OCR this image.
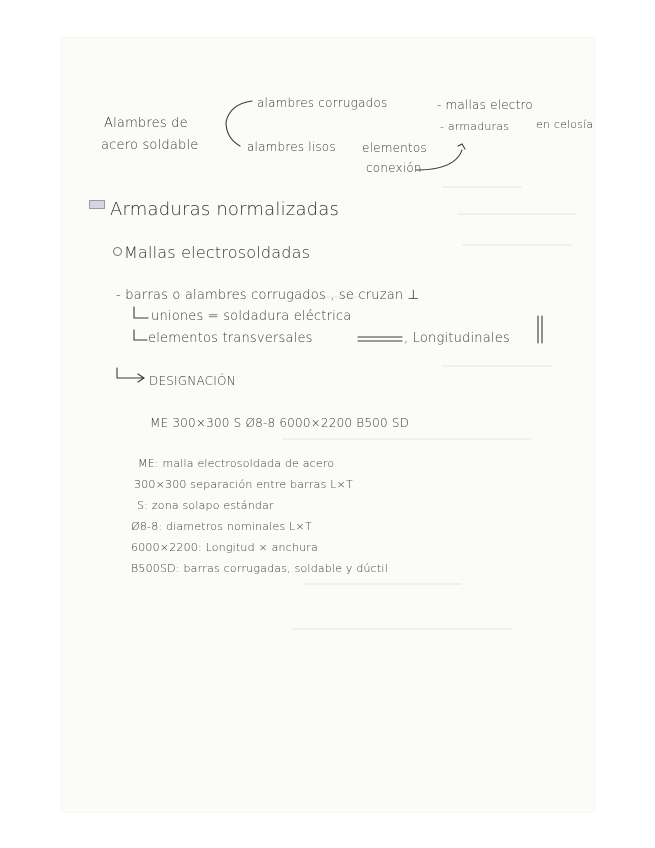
Alambres de
acero soldable
alambres corrugados
alambres lisos
- mallas electro
- armaduras en celosía
elementos
conexión
Armaduras normalizadas
Mallas electrosoldadas
- barras o alambres corrugados , se cruzan ⊥
uniones = soldadura eléctrica
elementos transversales	, Longitudinales
DESIGNACIÓN
ME 300×300 S Ø8-8 6000×2200 B500 SD
ME: malla electrosoldada de acero
300×300 separación entre barras L×T
S: zona solapo estándar
Ø8-8: diametros nominales L×T
6000×2200: Longitud × anchura
B500SD: barras corrugadas, soldable y dúctil
